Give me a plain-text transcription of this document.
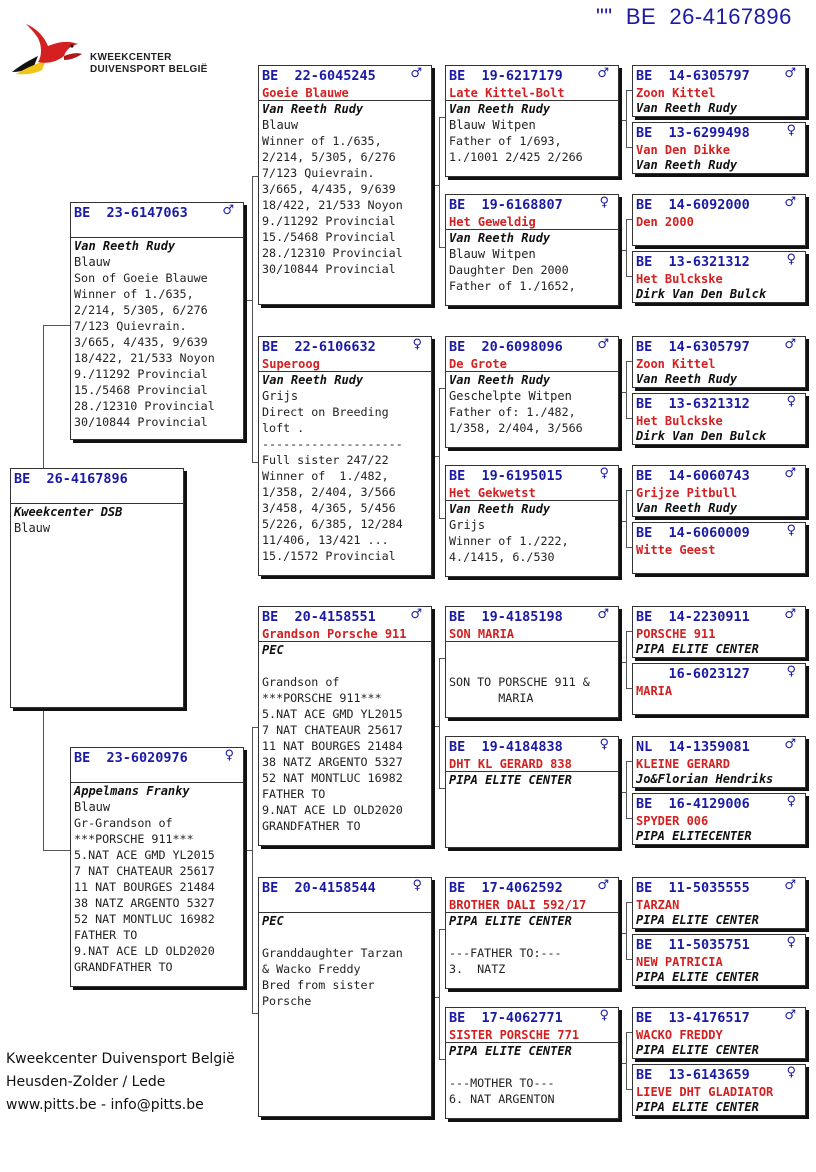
"" BE  26-4167896
KWEEKCENTER
DUIVENSPORT BELGIË
BE  26-4167896
Kweekcenter DSB
Blauw
BE  23-6147063	♂
Van Reeth Rudy
Blauw
Son of Goeie Blauwe
Winner of 1./635,
2/214, 5/305, 6/276
7/123 Quievrain.
3/665, 4/435, 9/639
18/422, 21/533 Noyon
9./11292 Provincial
15./5468 Provincial
28./12310 Provincial
30/10844 Provincial
BE  23-6020976	♀
Appelmans Franky
Blauw
Gr-Grandson of
***PORSCHE 911***
5.NAT ACE GMD YL2015
7 NAT CHATEAUR 25617
11 NAT BOURGES 21484
38 NATZ ARGENTO 5327
52 NAT MONTLUC 16982
FATHER TO
9.NAT ACE LD OLD2020
GRANDFATHER TO
BE  22-6045245	♂
Goeie Blauwe
Van Reeth Rudy
Blauw
Winner of 1./635,
2/214, 5/305, 6/276
7/123 Quievrain.
3/665, 4/435, 9/639
18/422, 21/533 Noyon
9./11292 Provincial
15./5468 Provincial
28./12310 Provincial
30/10844 Provincial
BE  22-6106632	♀
Superoog
Van Reeth Rudy
Grijs
Direct on Breeding
loft .
--------------------
Full sister 247/22
Winner of  1./482,
1/358, 2/404, 3/566
3/458, 4/365, 5/456
5/226, 6/385, 12/284
11/406, 13/421 ...
15./1572 Provincial
BE  20-4158551	♂
Grandson Porsche 911
PEC
Grandson of
***PORSCHE 911***
5.NAT ACE GMD YL2015
7 NAT CHATEAUR 25617
11 NAT BOURGES 21484
38 NATZ ARGENTO 5327
52 NAT MONTLUC 16982
FATHER TO
9.NAT ACE LD OLD2020
GRANDFATHER TO
BE  20-4158544	♀
PEC
Granddaughter Tarzan
& Wacko Freddy
Bred from sister
Porsche
BE  19-6217179	♂
Late Kittel-Bolt
Van Reeth Rudy
Blauw Witpen
Father of 1/693,
1./1001 2/425 2/266
BE  19-6168807	♀
Het Geweldig
Van Reeth Rudy
Blauw Witpen
Daughter Den 2000
Father of 1./1652,
BE  20-6098096	♂
De Grote
Van Reeth Rudy
Geschelpte Witpen
Father of: 1./482,
1/358, 2/404, 3/566
BE  19-6195015	♀
Het Gekwetst
Van Reeth Rudy
Grijs
Winner of 1./222,
4./1415, 6./530
BE  19-4185198	♂
SON MARIA
SON TO PORSCHE 911 &
MARIA
BE  19-4184838	♀
DHT KL GERARD 838
PIPA ELITE CENTER
BE  17-4062592	♂
BROTHER DALI 592/17
PIPA ELITE CENTER
---FATHER TO:---
3.  NATZ
BE  17-4062771	♀
SISTER PORSCHE 771
PIPA ELITE CENTER
---MOTHER TO---
6. NAT ARGENTON
BE  14-6305797	♂
Zoon Kittel
Van Reeth Rudy
BE  13-6299498	♀
Van Den Dikke
Van Reeth Rudy
BE  14-6092000	♂
Den 2000
BE  13-6321312	♀
Het Bulckske
Dirk Van Den Bulck
BE  14-6305797	♂
Zoon Kittel
Van Reeth Rudy
BE  13-6321312	♀
Het Bulckske
Dirk Van Den Bulck
BE  14-6060743	♂
Grijze Pitbull
Van Reeth Rudy
BE  14-6060009	♀
Witte Geest
BE  14-2230911	♂
PORSCHE 911
PIPA ELITE CENTER
16-6023127	♀
MARIA
NL  14-1359081	♂
KLEINE GERARD
Jo&Florian Hendriks
BE  16-4129006	♀
SPYDER 006
PIPA ELITECENTER
BE  11-5035555	♂
TARZAN
PIPA ELITE CENTER
BE  11-5035751	♀
NEW PATRICIA
PIPA ELITE CENTER
BE  13-4176517	♂
WACKO FREDDY
PIPA ELITE CENTER
BE  13-6143659	♀
LIEVE DHT GLADIATOR
PIPA ELITE CENTER
Kweekcenter Duivensport België
Heusden-Zolder / Lede
www.pitts.be - info@pitts.be
